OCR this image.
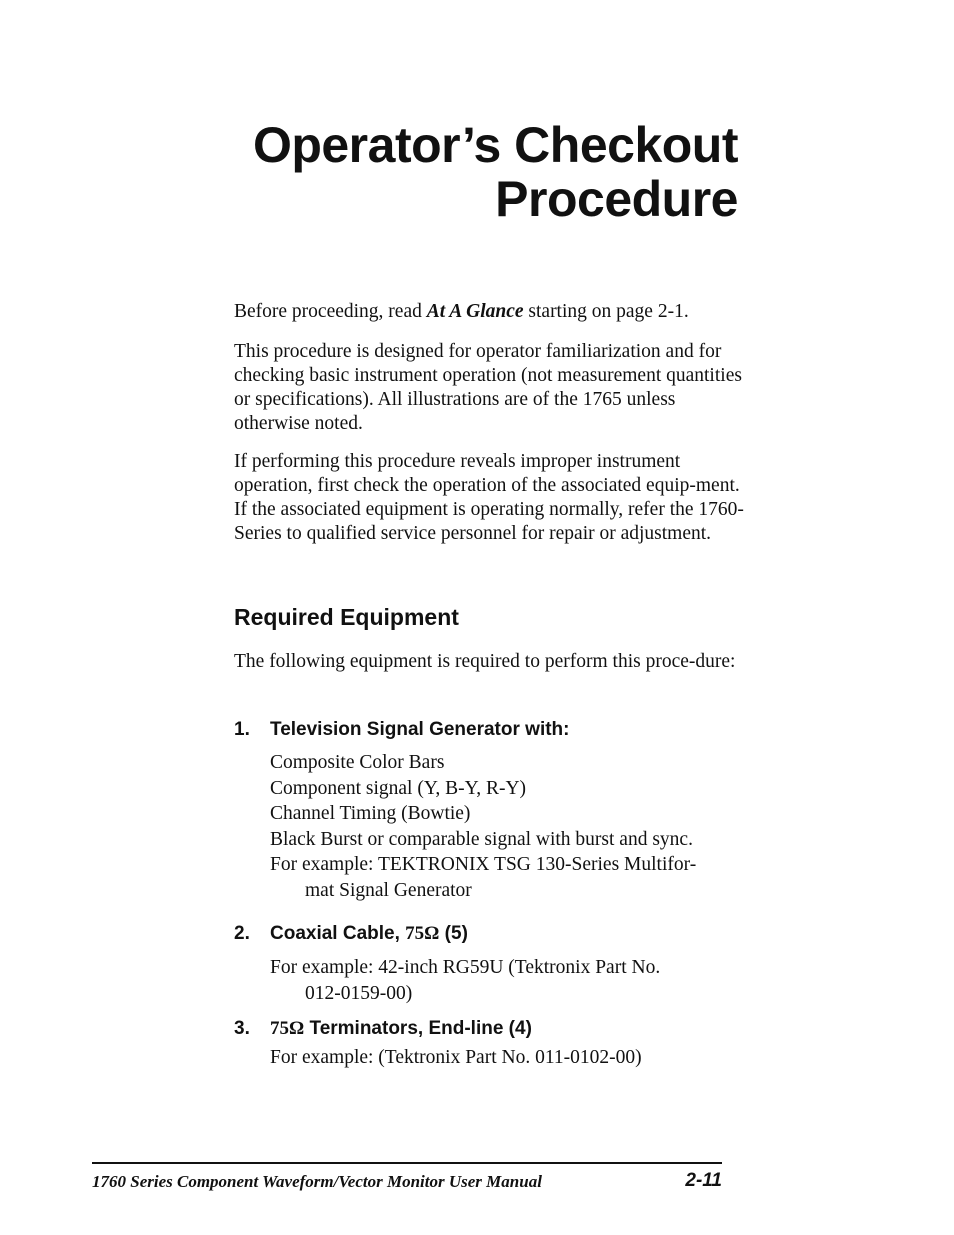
Operator’s Checkout
Procedure

Before proceeding, read At A Glance starting on page 2-1.

This procedure is designed for operator familiarization and for checking basic instrument operation (not measurement quantities or specifications). All illustrations are of the 1765 unless otherwise noted.

If performing this procedure reveals improper instrument operation, first check the operation of the associated equip-ment. If the associated equipment is operating normally, refer the 1760-Series to qualified service personnel for repair or adjustment.

Required Equipment

The following equipment is required to perform this proce-dure:

1. Television Signal Generator with:
Composite Color Bars
Component signal (Y, B-Y, R-Y)
Channel Timing (Bowtie)
Black Burst or comparable signal with burst and sync.
For example: TEKTRONIX TSG 130-Series Multifor-
mat Signal Generator
2. Coaxial Cable, 75Ω (5)
For example: 42-inch RG59U (Tektronix Part No.
012-0159-00)
3. 75Ω Terminators, End-line (4)
For example: (Tektronix Part No. 011-0102-00)
1760 Series Component Waveform/Vector Monitor User Manual	2-11
